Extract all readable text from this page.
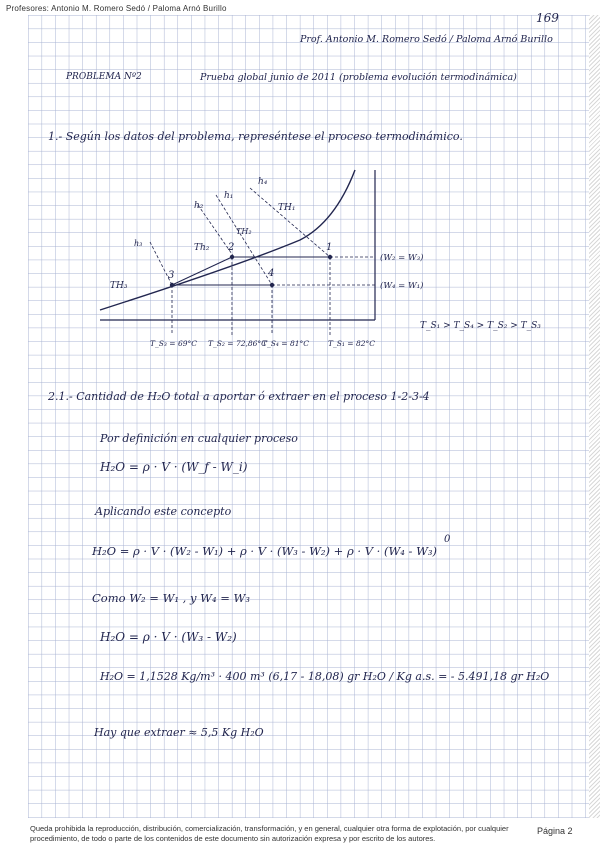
Profesores: Antonio M. Romero Sedó / Paloma Arnó Burillo
169
Prof. Antonio M. Romero Sedó / Paloma Arnó Burillo
PROBLEMA Nº2	Prueba global junio de 2011 (problema evolución termodinámica)
1.- Según los datos del problema, represéntese el proceso termodinámico.
h₂
h₁
h₄
h₃
TH₁
TH₂
TH₃
Th₂	1
2
3	4
(W₂ = W₃)
(W₄ = W₁)
T_S₃ = 69°C T_S₂ = 72,86°C
T_S₄ = 81°C	T_S₁ = 82°C
T_S₁ > T_S₄ > T_S₂ > T_S₃
2.1.- Cantidad de H₂O total a aportar ó extraer en el proceso 1-2-3-4
Por definición en cualquier proceso
H₂O = ρ · V · (W_f - W_i)
Aplicando este concepto
H₂O = ρ · V · (W₂ - W₁) + ρ · V · (W₃ - W₂) + ρ · V · (W₄ - W₃)
Como W₂ = W₁ , y W₄ = W₃
H₂O = ρ · V · (W₃ - W₂)
H₂O = 1,1528 Kg/m³ · 400 m³ (6,17 - 18,08) gr H₂O / Kg a.s. = - 5.491,18 gr H₂O
Hay que extraer ≈ 5,5 Kg H₂O
0
Queda prohibida la reproducción, distribución, comercialización, transformación, y en general, cualquier otra forma de explotación, por cualquier procedimiento, de todo o parte de los contenidos de este documento sin autorización expresa y por escrito de los autores.
Página 2
